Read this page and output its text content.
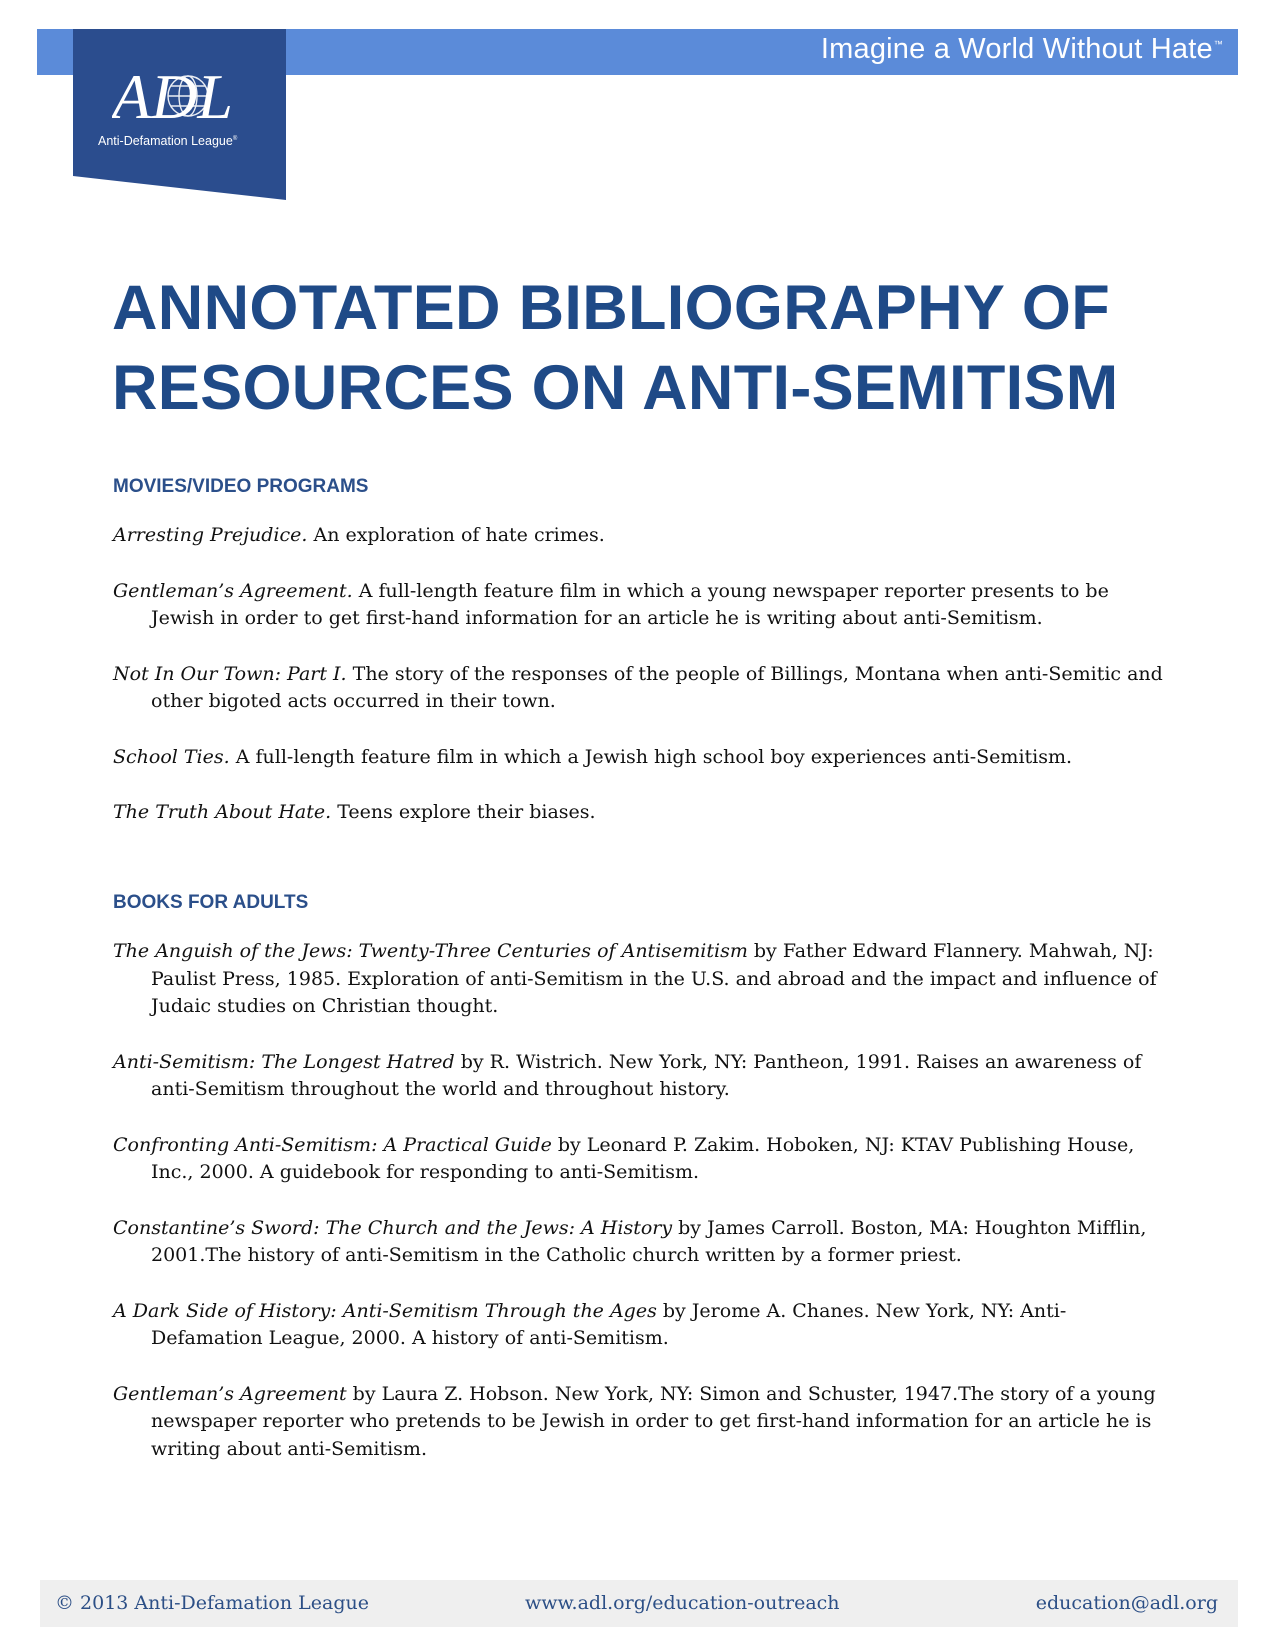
Imagine a World Without Hate™
ADL
Anti-Defamation League®
ANNOTATED BIBLIOGRAPHY OF
RESOURCES ON ANTI-SEMITISM
MOVIES/VIDEO PROGRAMS
Arresting Prejudice. An exploration of hate crimes.
Gentleman’s Agreement. A full-length feature film in which a young newspaper reporter presents to be Jewish in order to get first-hand information for an article he is writing about anti-Semitism.
Not In Our Town: Part I. The story of the responses of the people of Billings, Montana when anti-Semitic and other bigoted acts occurred in their town.
School Ties. A full-length feature film in which a Jewish high school boy experiences anti-Semitism.
The Truth About Hate. Teens explore their biases.
BOOKS FOR ADULTS
The Anguish of the Jews: Twenty-Three Centuries of Antisemitism by Father Edward Flannery. Mahwah, NJ: Paulist Press, 1985. Exploration of anti-Semitism in the U.S. and abroad and the impact and influence of Judaic studies on Christian thought.
Anti-Semitism: The Longest Hatred by R. Wistrich. New York, NY: Pantheon, 1991. Raises an awareness of anti-Semitism throughout the world and throughout history.
Confronting Anti-Semitism: A Practical Guide by Leonard P. Zakim. Hoboken, NJ: KTAV Publishing House, Inc., 2000. A guidebook for responding to anti-Semitism.
Constantine’s Sword: The Church and the Jews: A History by James Carroll. Boston, MA: Houghton Mifflin, 2001.The history of anti-Semitism in the Catholic church written by a former priest.
A Dark Side of History: Anti-Semitism Through the Ages by Jerome A. Chanes. New York, NY: Anti-Defamation League, 2000. A history of anti-Semitism.
Gentleman’s Agreement by Laura Z. Hobson. New York, NY: Simon and Schuster, 1947.The story of a young newspaper reporter who pretends to be Jewish in order to get first-hand information for an article he is writing about anti-Semitism.
© 2013 Anti-Defamation League	www.adl.org/education-outreach	education@adl.org
